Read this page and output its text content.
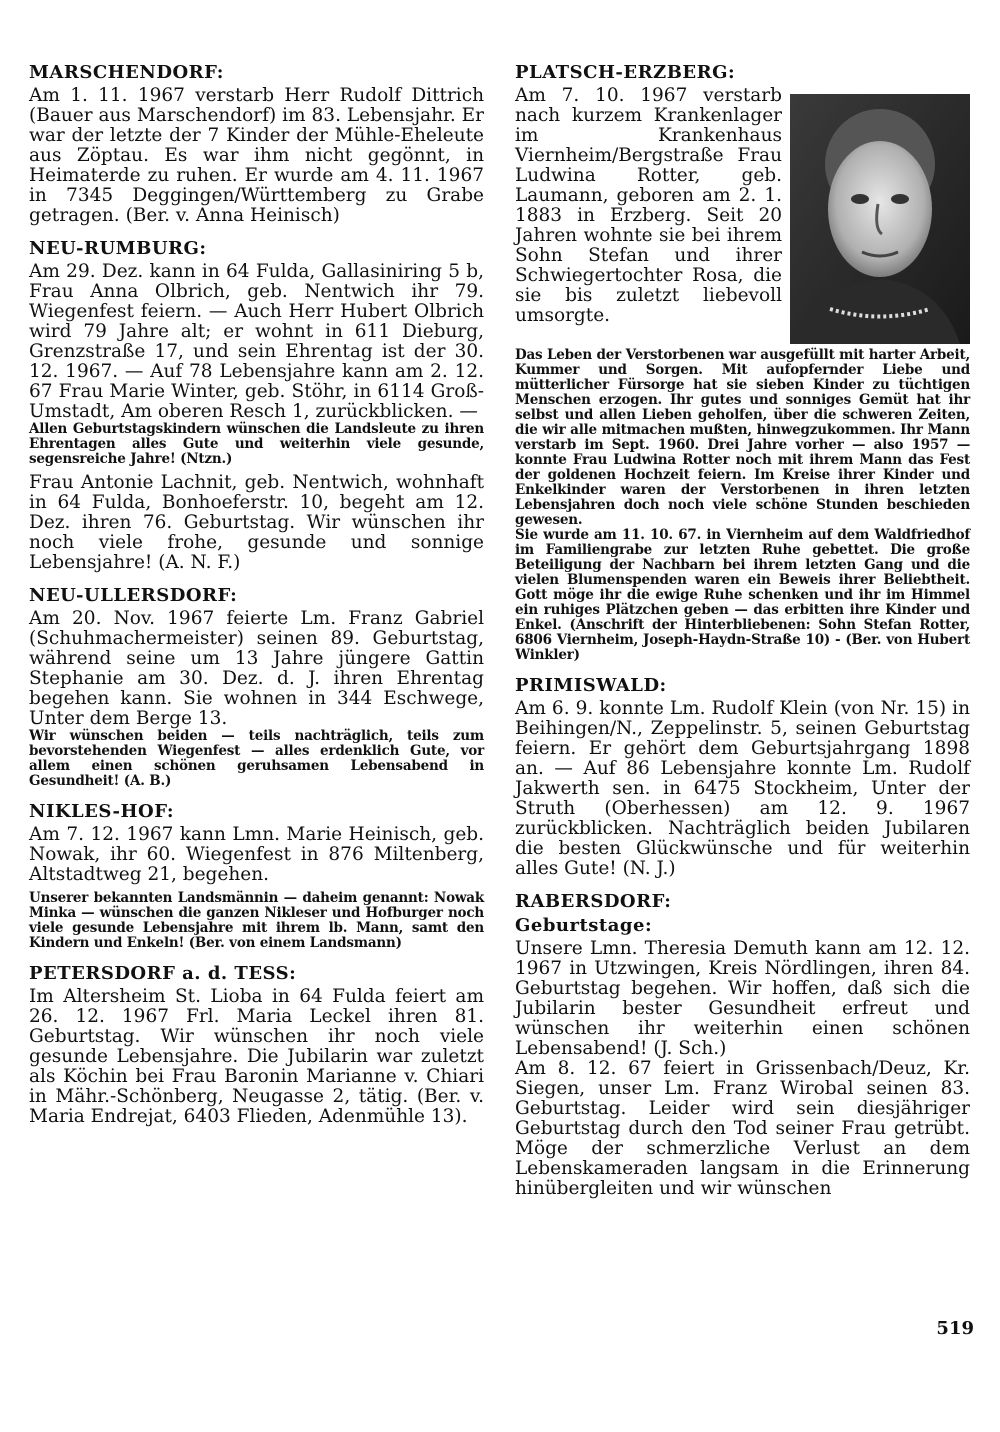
MARSCHENDORF:

Am 1. 11. 1967 verstarb Herr Rudolf Dittrich (Bauer aus Marschendorf) im 83. Lebensjahr. Er war der letzte der 7 Kinder der Mühle-Eheleute aus Zöptau. Es war ihm nicht gegönnt, in Heimaterde zu ruhen. Er wurde am 4. 11. 1967 in 7345 Deggingen/Württemberg zu Grabe getragen. (Ber. v. Anna Heinisch)

NEU-RUMBURG:

Am 29. Dez. kann in 64 Fulda, Gallasiniring 5 b, Frau Anna Olbrich, geb. Nentwich ihr 79. Wiegenfest feiern. — Auch Herr Hubert Olbrich wird 79 Jahre alt; er wohnt in 611 Dieburg, Grenzstraße 17, und sein Ehrentag ist der 30. 12. 1967. — Auf 78 Lebensjahre kann am 2. 12. 67 Frau Marie Winter, geb. Stöhr, in 6114 Groß-Umstadt, Am oberen Resch 1, zurückblicken. —

Allen Geburtstagskindern wünschen die Landsleute zu ihren Ehrentagen alles Gute und weiterhin viele gesunde, segensreiche Jahre! (Ntzn.)

Frau Antonie Lachnit, geb. Nentwich, wohnhaft in 64 Fulda, Bonhoeferstr. 10, begeht am 12. Dez. ihren 76. Geburtstag. Wir wünschen ihr noch viele frohe, gesunde und sonnige Lebensjahre! (A. N. F.)

NEU-ULLERSDORF:

Am 20. Nov. 1967 feierte Lm. Franz Gabriel (Schuhmachermeister) seinen 89. Geburtstag, während seine um 13 Jahre jüngere Gattin Stephanie am 30. Dez. d. J. ihren Ehrentag begehen kann. Sie wohnen in 344 Eschwege, Unter dem Berge 13.

Wir wünschen beiden — teils nachträglich, teils zum bevorstehenden Wiegenfest — alles erdenklich Gute, vor allem einen schönen geruhsamen Lebensabend in Gesundheit! (A. B.)

NIKLES-HOF:

Am 7. 12. 1967 kann Lmn. Marie Heinisch, geb. Nowak, ihr 60. Wiegenfest in 876 Miltenberg, Altstadtweg 21, begehen.

Unserer bekannten Landsmännin — daheim genannt: Nowak Minka — wünschen die ganzen Nikleser und Hofburger noch viele gesunde Lebensjahre mit ihrem lb. Mann, samt den Kindern und Enkeln! (Ber. von einem Landsmann)

PETERSDORF a. d. TESS:

Im Altersheim St. Lioba in 64 Fulda feiert am 26. 12. 1967 Frl. Maria Leckel ihren 81. Geburtstag. Wir wünschen ihr noch viele gesunde Lebensjahre. Die Jubilarin war zuletzt als Köchin bei Frau Baronin Marianne v. Chiari in Mähr.-Schönberg, Neugasse 2, tätig. (Ber. v. Maria Endrejat, 6403 Flieden, Adenmühle 13).

PLATSCH-ERZBERG:

Am 7. 10. 1967 verstarb nach kurzem Krankenlager im Krankenhaus Viernheim/Bergstraße Frau Ludwina Rotter, geb. Laumann, geboren am 2. 1. 1883 in Erzberg. Seit 20 Jahren wohnte sie bei ihrem Sohn Stefan und ihrer Schwiegertochter Rosa, die sie bis zuletzt liebevoll umsorgte.

Das Leben der Verstorbenen war ausgefüllt mit harter Arbeit, Kummer und Sorgen. Mit aufopfernder Liebe und mütterlicher Fürsorge hat sie sieben Kinder zu tüchtigen Menschen erzogen. Ihr gutes und sonniges Gemüt hat ihr selbst und allen Lieben geholfen, über die schweren Zeiten, die wir alle mitmachen mußten, hinwegzukommen. Ihr Mann verstarb im Sept. 1960. Drei Jahre vorher — also 1957 — konnte Frau Ludwina Rotter noch mit ihrem Mann das Fest der goldenen Hochzeit feiern. Im Kreise ihrer Kinder und Enkelkinder waren der Verstorbenen in ihren letzten Lebensjahren doch noch viele schöne Stunden beschieden gewesen.

Sie wurde am 11. 10. 67. in Viernheim auf dem Waldfriedhof im Familiengrabe zur letzten Ruhe gebettet. Die große Beteiligung der Nachbarn bei ihrem letzten Gang und die vielen Blumenspenden waren ein Beweis ihrer Beliebtheit. Gott möge ihr die ewige Ruhe schenken und ihr im Himmel ein ruhiges Plätzchen geben — das erbitten ihre Kinder und Enkel. (Anschrift der Hinterbliebenen: Sohn Stefan Rotter, 6806 Viernheim, Joseph-Haydn-Straße 10) - (Ber. von Hubert Winkler)

PRIMISWALD:

Am 6. 9. konnte Lm. Rudolf Klein (von Nr. 15) in Beihingen/N., Zeppelinstr. 5, seinen Geburtstag feiern. Er gehört dem Geburtsjahrgang 1898 an. — Auf 86 Lebensjahre konnte Lm. Rudolf Jakwerth sen. in 6475 Stockheim, Unter der Struth (Oberhessen) am 12. 9. 1967 zurückblicken. Nachträglich beiden Jubilaren die besten Glückwünsche und für weiterhin alles Gute! (N. J.)

RABERSDORF:
Geburtstage:

Unsere Lmn. Theresia Demuth kann am 12. 12. 1967 in Utzwingen, Kreis Nördlingen, ihren 84. Geburtstag begehen. Wir hoffen, daß sich die Jubilarin bester Gesundheit erfreut und wünschen ihr weiterhin einen schönen Lebensabend! (J. Sch.)

Am 8. 12. 67 feiert in Grissenbach/Deuz, Kr. Siegen, unser Lm. Franz Wirobal seinen 83. Geburtstag. Leider wird sein diesjähriger Geburtstag durch den Tod seiner Frau getrübt. Möge der schmerzliche Verlust an dem Lebenskameraden langsam in die Erinnerung hinübergleiten und wir wünschen

519
